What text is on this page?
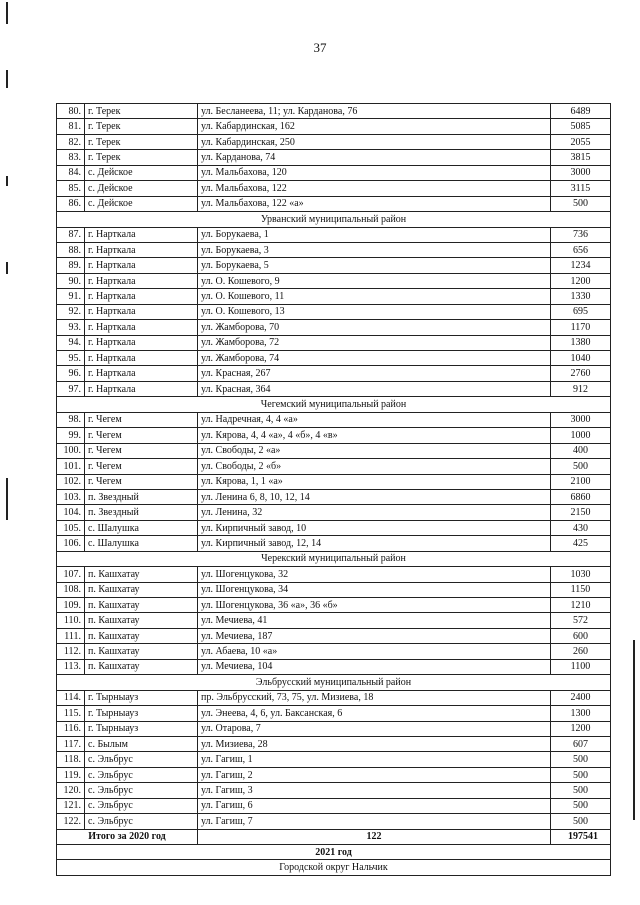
37
80.	г. Терек	ул. Бесланеева, 11; ул. Карданова, 76	6489
81.	г. Терек	ул. Кабардинская, 162	5085
82.	г. Терек	ул. Кабардинская, 250	2055
83.	г. Терек	ул. Карданова, 74	3815
84.	с. Дейское	ул. Мальбахова, 120	3000
85.	с. Дейское	ул. Мальбахова, 122	3115
86.	с. Дейское	ул. Мальбахова, 122 «а»	500
Урванский муниципальный район			
87.	г. Нарткала	ул. Борукаева, 1	736
88.	г. Нарткала	ул. Борукаева, 3	656
89.	г. Нарткала	ул. Борукаева, 5	1234
90.	г. Нарткала	ул. О. Кошевого, 9	1200
91.	г. Нарткала	ул. О. Кошевого, 11	1330
92.	г. Нарткала	ул. О. Кошевого, 13	695
93.	г. Нарткала	ул. Жамборова, 70	1170
94.	г. Нарткала	ул. Жамборова, 72	1380
95.	г. Нарткала	ул. Жамборова, 74	1040
96.	г. Нарткала	ул. Красная, 267	2760
97.	г. Нарткала	ул. Красная, 364	912
Чегемский муниципальный район			
98.	г. Чегем	ул. Надречная, 4, 4 «а»	3000
99.	г. Чегем	ул. Кярова, 4, 4 «а», 4 «б», 4 «в»	1000
100.	г. Чегем	ул. Свободы, 2 «а»	400
101.	г. Чегем	ул. Свободы, 2 «б»	500
102.	г. Чегем	ул. Кярова, 1, 1 «а»	2100
103.	п. Звездный	ул. Ленина 6, 8, 10, 12, 14	6860
104.	п. Звездный	ул. Ленина, 32	2150
105.	с. Шалушка	ул. Кирпичный завод, 10	430
106.	с. Шалушка	ул. Кирпичный завод, 12, 14	425
Черекский муниципальный район			
107.	п. Кашхатау	ул. Шогенцукова, 32	1030
108.	п. Кашхатау	ул. Шогенцукова, 34	1150
109.	п. Кашхатау	ул. Шогенцукова, 36 «а», 36 «б»	1210
110.	п. Кашхатау	ул. Мечиева, 41	572
111.	п. Кашхатау	ул. Мечиева, 187	600
112.	п. Кашхатау	ул. Абаева, 10 «а»	260
113.	п. Кашхатау	ул. Мечиева, 104	1100
Эльбрусский муниципальный район			
114.	г. Тырныауз	пр. Эльбрусский, 73, 75, ул. Мизиева, 18	2400
115.	г. Тырныауз	ул. Энеева, 4, 6, ул. Баксанская, 6	1300
116.	г. Тырныауз	ул. Отарова, 7	1200
117.	с. Былым	ул. Мизиева, 28	607
118.	с. Эльбрус	ул. Гагиш, 1	500
119.	с. Эльбрус	ул. Гагиш, 2	500
120.	с. Эльбрус	ул. Гагиш, 3	500
121.	с. Эльбрус	ул. Гагиш, 6	500
122.	с. Эльбрус	ул. Гагиш, 7	500
Итого за 2020 год		122	197541
2021 год			
Городской округ Нальчик			
